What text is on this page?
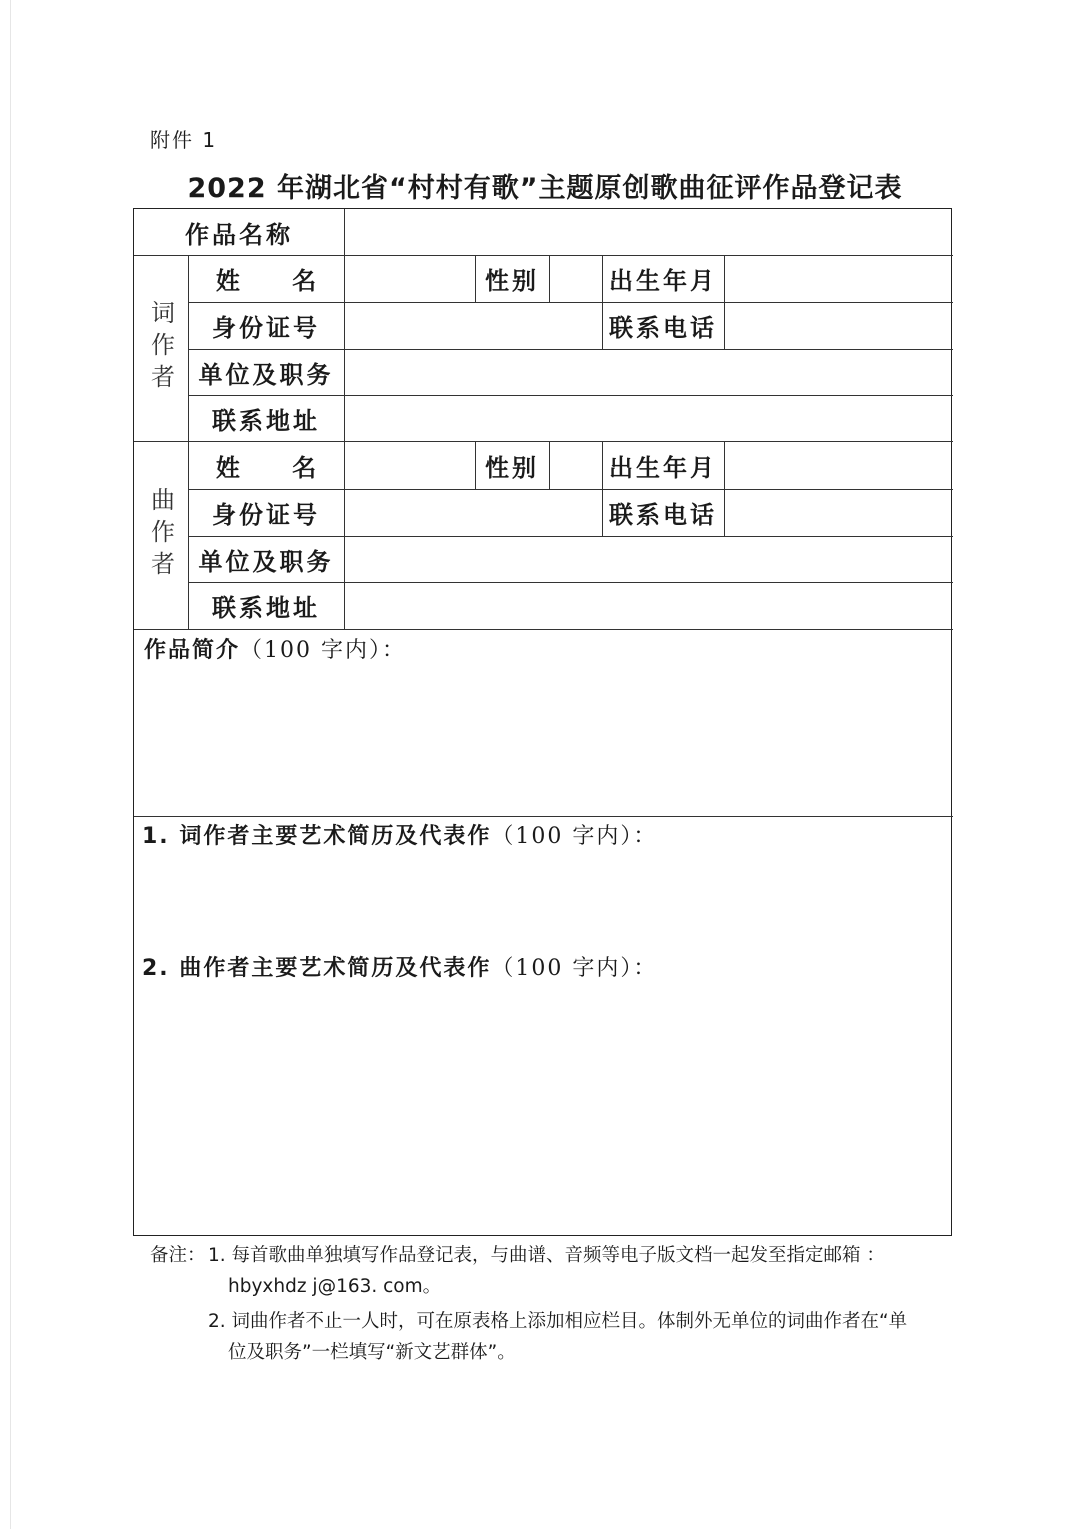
附件 1
2022 年湖北省“村村有歌”主题原创歌曲征评作品登记表
作品名称
词作者
姓 名	性别	出生年月
身份证号	联系电话
单位及职务
联系地址
曲作者
姓 名	性别	出生年月
身份证号	联系电话
单位及职务
联系地址
作品简介（100 字内）：
1. 词作者主要艺术简历及代表作（100 字内）：
2. 曲作者主要艺术简历及代表作（100 字内）：
备注： 1. 每首歌曲单独填写作品登记表，与曲谱、音频等电子版文档一起发至指定邮箱 ：
hbyxhdz j@163. com。
2. 词曲作者不止一人时，可在原表格上添加相应栏目。体制外无单位的词曲作者在“单
位及职务”一栏填写“新文艺群体”。
